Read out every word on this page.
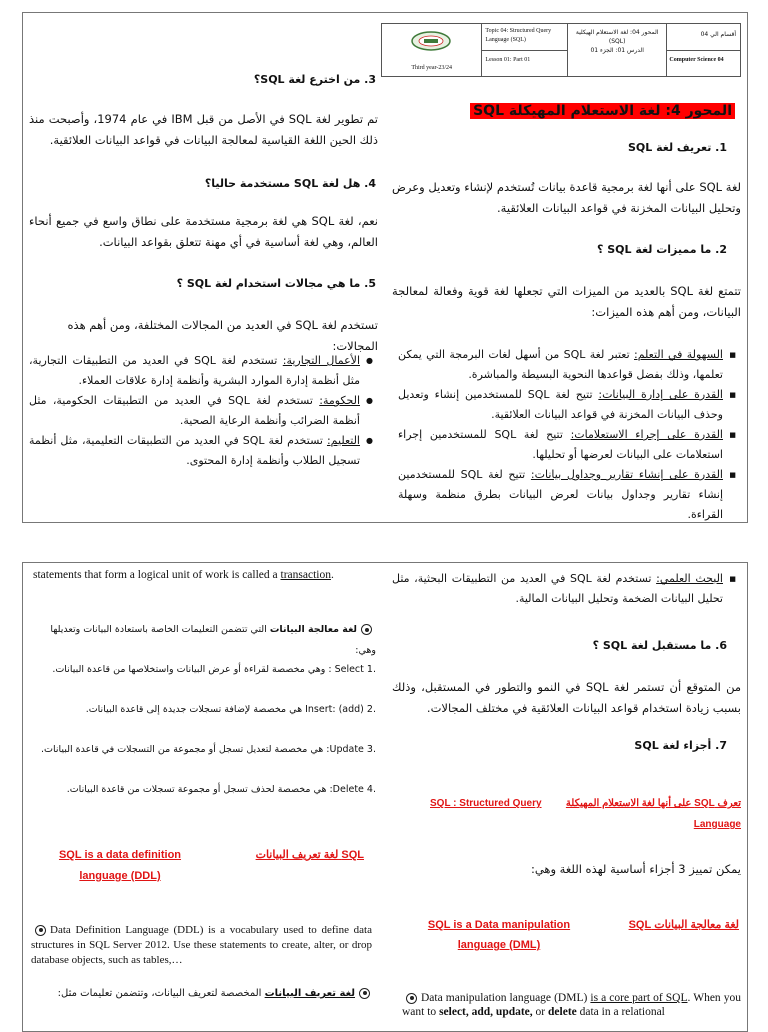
أقسام الي 04
Computer Science 04
المحور 04: لغة الاستعلام الهيكلية (SQL)
الدرس 01: الجزء 01
Topic 04: Structured Query Language (SQL)
Lesson 01: Part 01
Third year-23/24
المحور 4: لغة الاستعلام المهيكلة SQL
1. تعريف لغة SQL
لغة SQL على أنها لغة برمجية قاعدة بيانات تُستخدم لإنشاء وتعديل وعرض وتحليل البيانات المخزنة في قواعد البيانات العلائقية.
2. ما مميزات لغة SQL ؟
تتمتع لغة SQL بالعديد من الميزات التي تجعلها لغة قوية وفعالة لمعالجة البيانات، ومن أهم هذه الميزات:
■ السهولة في التعلم: تعتبر لغة SQL من أسهل لغات البرمجة التي يمكن تعلمها، وذلك بفضل قواعدها النحوية البسيطة والمباشرة.
■ القدرة على إدارة البيانات: تتيح لغة SQL للمستخدمين إنشاء وتعديل وحذف البيانات المخزنة في قواعد البيانات العلائقية.
■ القدرة على إجراء الاستعلامات: تتيح لغة SQL للمستخدمين إجراء استعلامات على البيانات لعرضها أو تحليلها.
■ القدرة على إنشاء تقارير وجداول بيانات: تتيح لغة SQL للمستخدمين إنشاء تقارير وجداول بيانات لعرض البيانات بطرق منظمة وسهلة القراءة.
3. من اخترع لغة SQL؟
تم تطوير لغة SQL في الأصل من قبل IBM في عام 1974، وأصبحت منذ ذلك الحين اللغة القياسية لمعالجة البيانات في قواعد البيانات العلائقية.
4. هل لغة SQL مستخدمة حاليا؟
نعم، لغة SQL هي لغة برمجية مستخدمة على نطاق واسع في جميع أنحاء العالم، وهي لغة أساسية في أي مهنة تتعلق بقواعد البيانات.
5. ما هي مجالات استخدام لغة SQL ؟
تستخدم لغة SQL في العديد من المجالات المختلفة، ومن أهم هذه المجالات:
● الأعمال التجارية: تستخدم لغة SQL في العديد من التطبيقات التجارية، مثل أنظمة إدارة الموارد البشرية وأنظمة إدارة علاقات العملاء.
● الحكومة: تستخدم لغة SQL في العديد من التطبيقات الحكومية، مثل أنظمة الضرائب وأنظمة الرعاية الصحية.
● التعليم: تستخدم لغة SQL في العديد من التطبيقات التعليمية، مثل أنظمة تسجيل الطلاب وأنظمة إدارة المحتوى.
■ البحث العلمي: تستخدم لغة SQL في العديد من التطبيقات البحثية، مثل تحليل البيانات الضخمة وتحليل البيانات المالية.
6. ما مستقبل لغة SQL ؟
من المتوقع أن تستمر لغة SQL في النمو والتطور في المستقبل، وذلك بسبب زيادة استخدام قواعد البيانات العلائقية في مختلف المجالات.
7. أجزاء لغة SQL
تعرف SQL على أنها لغة الاستعلام المهيكلة  SQL : Structured Query Language
يمكن تمييز 3 أجزاء أساسية لهذه اللغة وهي:
لغة معالجة البيانات SQL
SQL is a Data manipulation language (DML)
Data manipulation language (DML) is a core part of SQL. When you want to select, add, update, or delete data in a relational
statements that form a logical unit of work is called a transaction.
لغة معالجة البيانات التي تتضمن التعليمات الخاصة باستعادة البيانات وتعديلها وهي:
.1 Select : وهي مخصصة لقراءة أو عرض البيانات واستخلاصها من قاعدة البيانات.
.2 (add) :Insert هي مخصصة لإضافة تسجلات جديدة إلى قاعدة البيانات.
.3 Update: هي مخصصة لتعديل تسجل أو مجموعة من التسجلات في قاعدة البيانات.
.4 Delete: هي مخصصة لحذف تسجل أو مجموعة تسجلات من قاعدة البيانات.
SQL لغة تعريف البيانات
SQL is a data definition language (DDL)
Data Definition Language (DDL) is a vocabulary used to define data structures in SQL Server 2012. Use these statements to create, alter, or drop database objects, such as tables,…
لغة تعريف البيانات المخصصة لتعريف البيانات، وتتضمن تعليمات مثل:
